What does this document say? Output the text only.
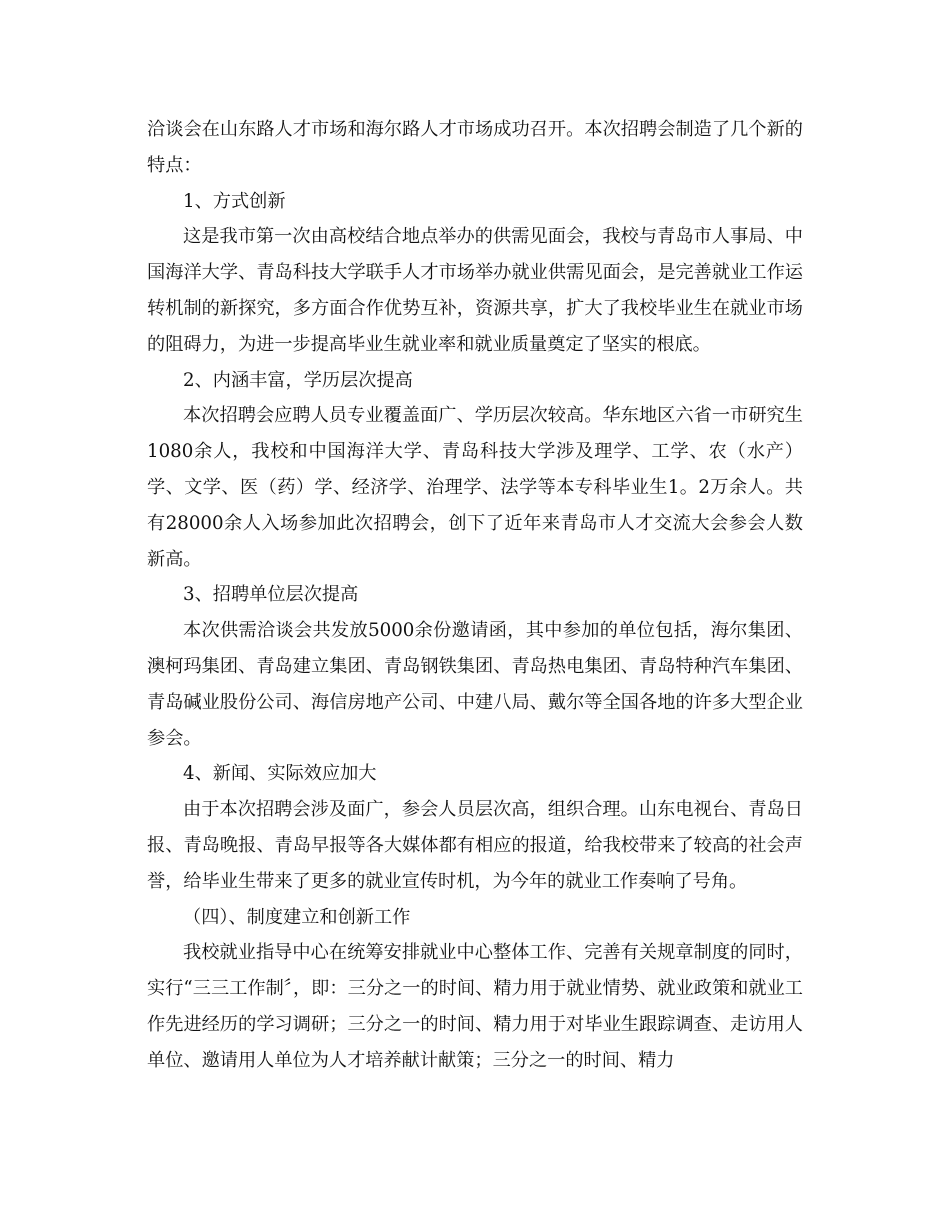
洽谈会在山东路人才市场和海尔路人才市场成功召开。本次招聘会制造了几个新的特点：

1、方式创新

这是我市第一次由高校结合地点举办的供需见面会，我校与青岛市人事局、中国海洋大学、青岛科技大学联手人才市场举办就业供需见面会，是完善就业工作运转机制的新探究，多方面合作优势互补，资源共享，扩大了我校毕业生在就业市场的阻碍力，为进一步提高毕业生就业率和就业质量奠定了坚实的根底。

2、内涵丰富，学历层次提高

本次招聘会应聘人员专业覆盖面广、学历层次较高。华东地区六省一市研究生1080余人，我校和中国海洋大学、青岛科技大学涉及理学、工学、农（水产）学、文学、医（药）学、经济学、治理学、法学等本专科毕业生1。2万余人。共有28000余人入场参加此次招聘会，创下了近年来青岛市人才交流大会参会人数新高。

3、招聘单位层次提高

本次供需洽谈会共发放5000余份邀请函，其中参加的单位包括，海尔集团、澳柯玛集团、青岛建立集团、青岛钢铁集团、青岛热电集团、青岛特种汽车集团、青岛碱业股份公司、海信房地产公司、中建八局、戴尔等全国各地的许多大型企业参会。

4、新闻、实际效应加大

由于本次招聘会涉及面广，参会人员层次高，组织合理。山东电视台、青岛日报、青岛晚报、青岛早报等各大媒体都有相应的报道，给我校带来了较高的社会声誉，给毕业生带来了更多的就业宣传时机，为今年的就业工作奏响了号角。

（四）、制度建立和创新工作

我校就业指导中心在统筹安排就业中心整体工作、完善有关规章制度的同时，实行“三三工作制〞，即：三分之一的时间、精力用于就业情势、就业政策和就业工作先进经历的学习调研；三分之一的时间、精力用于对毕业生跟踪调查、走访用人单位、邀请用人单位为人才培养献计献策；三分之一的时间、精力
